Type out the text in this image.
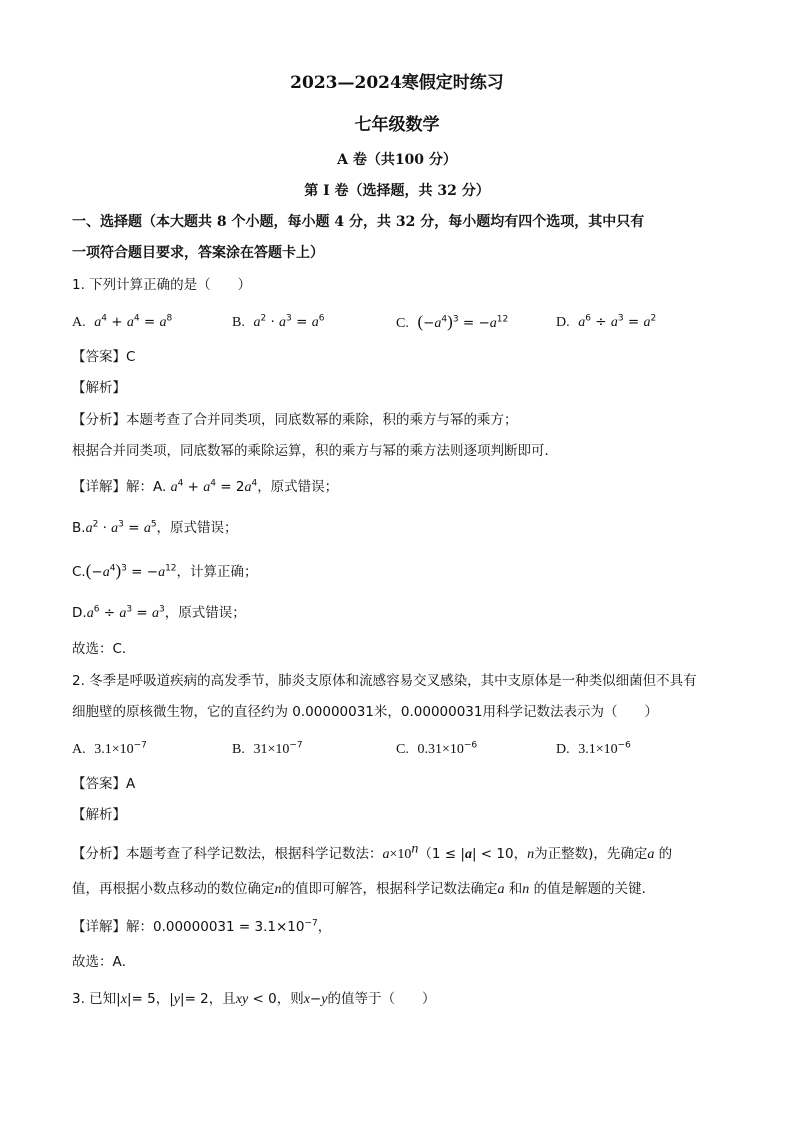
2023—2024寒假定时练习
七年级数学
A 卷（共100 分）
第 I 卷（选择题，共 32 分）
一、选择题（本大题共 8 个小题，每小题 4 分，共 32 分，每小题均有四个选项，其中只有
一项符合题目要求，答案涂在答题卡上）
1. 下列计算正确的是（　　）
A. $a^4 + a^4 = a^8$	B. $a^2 \cdot a^3 = a^6$	C. $(-a^4)^3 = -a^{12}$	D. $a^6 \div a^3 = a^2$
【答案】C
【解析】
【分析】本题考查了合并同类项，同底数幂的乘除，积的乘方与幂的乘方；
根据合并同类项，同底数幂的乘除运算，积的乘方与幂的乘方法则逐项判断即可．
【详解】解：A. $a^4 + a^4 = 2a^4$，原式错误；
$B.a^2 \cdot a^3 = a^5$，原式错误；
$C.(-a^4)^3 = -a^{12}$，计算正确；
$D.a^6 \div a^3 = a^3$，原式错误；
故选：C．
2. 冬季是呼吸道疾病的高发季节，肺炎支原体和流感容易交叉感染，其中支原体是一种类似细菌但不具有
细胞壁的原核微生物，它的直径约为 0.00000031米，0.00000031用科学记数法表示为（　　）
A. $3.1\times 10^{-7}$	B. $31\times 10^{-7}$	C. $0.31\times 10^{-6}$	D. $3.1\times 10^{-6}$
【答案】A
【解析】
【分析】本题考查了科学记数法，根据科学记数法：$a\times 10^n(1 \le |a| < 10$，n为正整数)，先确定a 的
值，再根据小数点移动的数位确定n的值即可解答，根据科学记数法确定a 和n 的值是解题的关键．
【详解】解：$0.00000031 = 3.1\times 10^{-7}$，
故选：A．
3. 已知|x|= 5，|y|= 2，且xy < 0，则x−y的值等于（　　）
